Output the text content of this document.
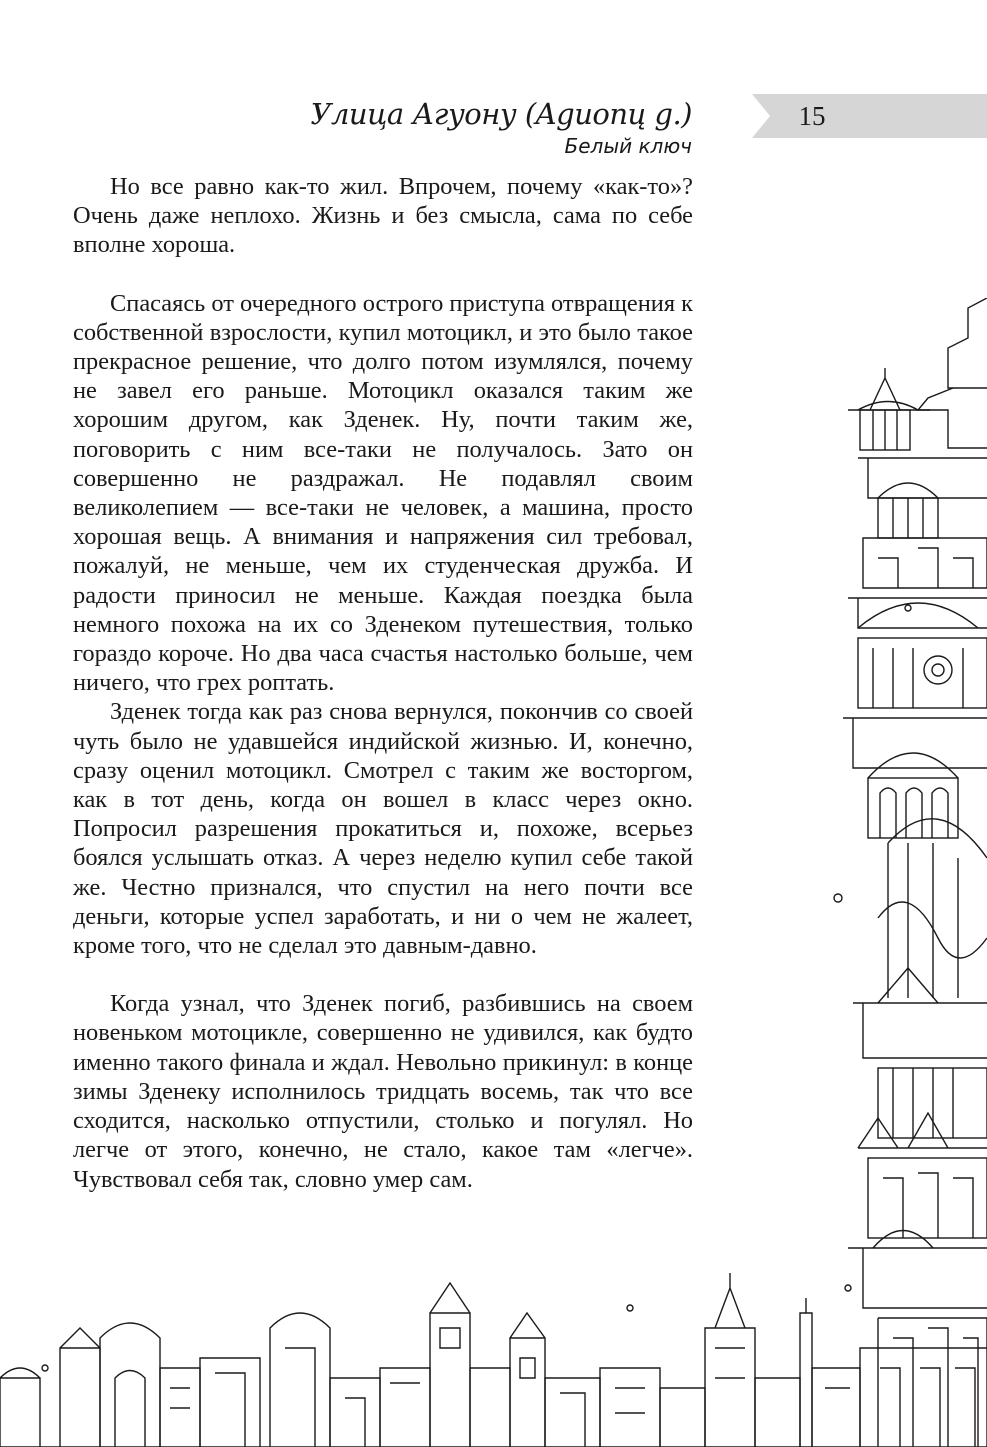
Улица Агуону (Aguonų g.)
Белый ключ
15

Но все равно как-то жил. Впрочем, почему «как-то»? Очень даже неплохо. Жизнь и без смысла, сама по себе вполне хороша.

Спасаясь от очередного острого приступа отвращения к собственной взрослости, купил мотоцикл, и это было такое прекрасное решение, что долго потом изумлялся, почему не завел его раньше. Мотоцикл оказался таким же хорошим другом, как Зденек. Ну, почти таким же, поговорить с ним все-таки не получалось. Зато он совершенно не раздражал. Не подавлял своим великолепием — все-таки не человек, а машина, просто хорошая вещь. А внимания и напряжения сил требовал, пожалуй, не меньше, чем их студенческая дружба. И радости приносил не меньше. Каждая поездка была немного похожа на их со Зденеком путешествия, только гораздо короче. Но два часа счастья настолько больше, чем ничего, что грех роптать.

Зденек тогда как раз снова вернулся, покончив со своей чуть было не удавшейся индийской жизнью. И, конечно, сразу оценил мотоцикл. Смотрел с таким же восторгом, как в тот день, когда он вошел в класс через окно. Попросил разрешения прокатиться и, похоже, всерьез боялся услышать отказ. А через неделю купил себе такой же. Честно признался, что спустил на него почти все деньги, которые успел заработать, и ни о чем не жалеет, кроме того, что не сделал это давным-давно.

Когда узнал, что Зденек погиб, разбившись на своем новеньком мотоцикле, совершенно не удивился, как будто именно такого финала и ждал. Невольно прикинул: в конце зимы Зденеку исполнилось тридцать восемь, так что все сходится, насколько отпустили, столько и погулял. Но легче от этого, конечно, не стало, какое там «легче». Чувствовал себя так, словно умер сам.
